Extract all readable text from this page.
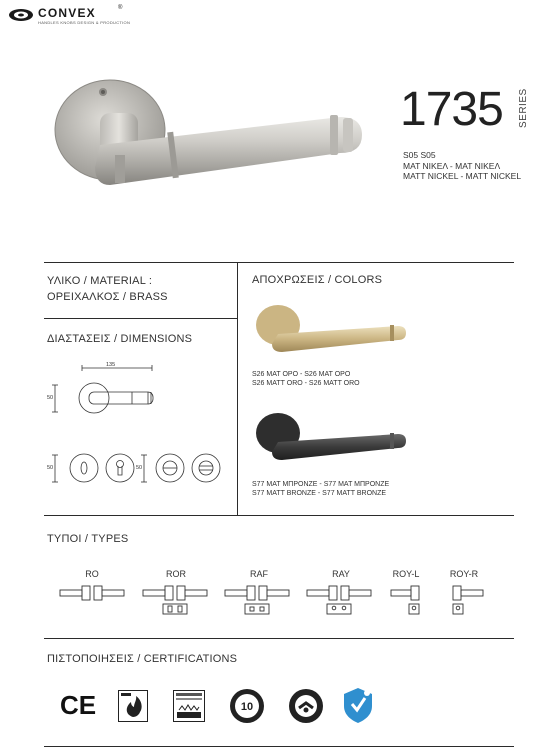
CONVEX	®
HANDLES KNOBS DESIGN & PRODUCTION
1735 SERIES
S05 S05
ΜΑΤ ΝΙΚΕΛ - ΜΑΤ ΝΙΚΕΛ
MATT NICKEL - MATT NICKEL
ΥΛΙΚΟ / MATERIAL :
ΟΡΕΙΧΑΛΚΟΣ / BRASS
ΔΙΑΣΤΑΣΕΙΣ / DIMENSIONS
135
50
50	50
ΑΠΟΧΡΩΣΕΙΣ / COLORS
S26 ΜΑΤ ΟΡΟ - S26 ΜΑΤ ΟΡΟ
S26 MATT ORO - S26 MATT ORO
S77 ΜΑΤ ΜΠΡΟΝΖΕ - S77 ΜΑΤ ΜΠΡΟΝΖΕ
S77 MATT BRONZE - S77 MATT BRONZE
ΤΥΠΟΙ / TYPES
RO	ROR	RAF	RAY	ROY-L	ROY-R
ΠΙΣΤΟΠΟΙΗΣΕΙΣ / CERTIFICATIONS
CE	10
